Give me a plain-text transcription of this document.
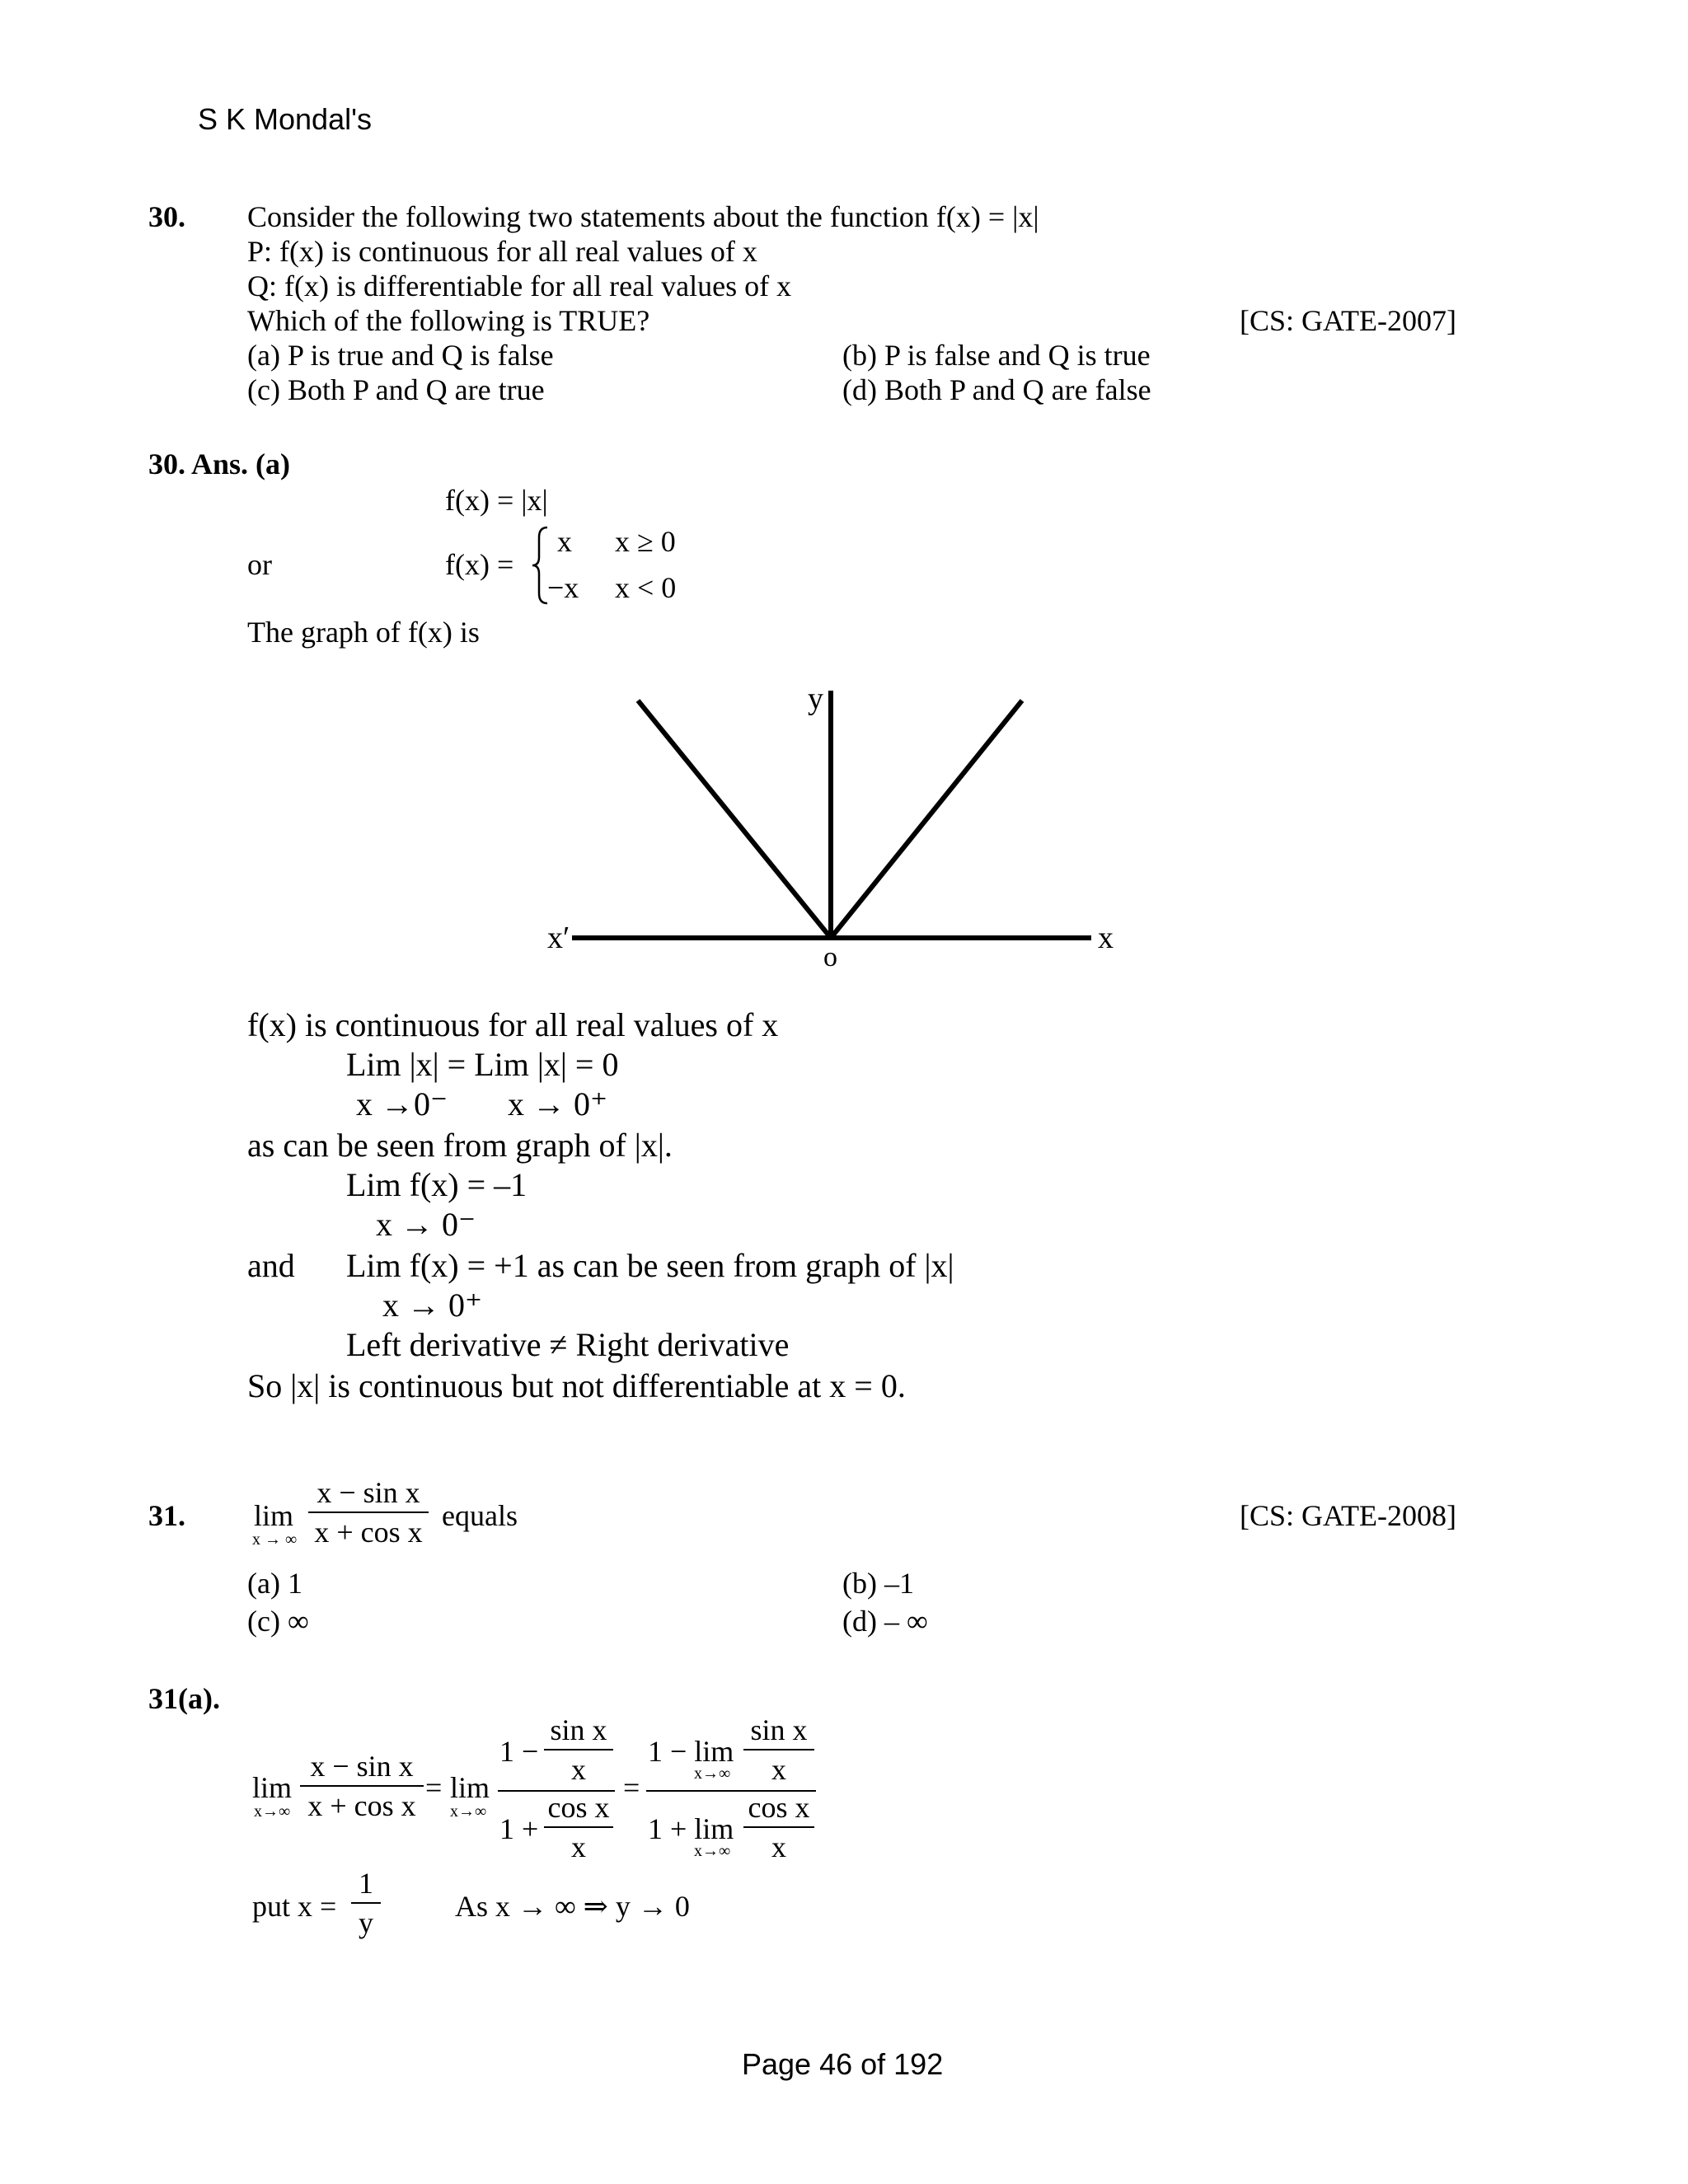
S K Mondal's
30. Consider the following two statements about the function f(x) = |x|
P: f(x) is continuous for all real values of x
Q: f(x) is differentiable for all real values of x
Which of the following is TRUE?	[CS: GATE-2007]
(a) P is true and Q is false	(b) P is false and Q is true
(c) Both P and Q are true	(d) Both P and Q are false
30. Ans. (a)
f(x) = |x|
or	f(x) =
x x ≥ 0
−x x < 0
The graph of f(x) is
y
x
x′
o
f(x) is continuous for all real values of x
Lim |x| = Lim |x| = 0
x →0⁻ x → 0⁺
as can be seen from graph of |x|.
Lim f(x) = –1
x → 0⁻
and Lim f(x) = +1 as can be seen from graph of |x|
x → 0⁺
Left derivative ≠ Right derivative
So |x| is continuous but not differentiable at x = 0.
31. lim
x → ∞
x − sin x
x + cos x equals	[CS: GATE-2008]
(a) 1	(b) –1
(c) ∞	(d) – ∞
31(a).
lim
x→∞
x − sin x
x + cos x
= lim
x→∞
1 −
sin x
x
1 +
cos x
x
=
1 − lim
x→∞
sin x
x
1 + lim
x→∞
cos x
x
put x =
1
y	As x → ∞ ⇒ y → 0
Page 46 of 192
